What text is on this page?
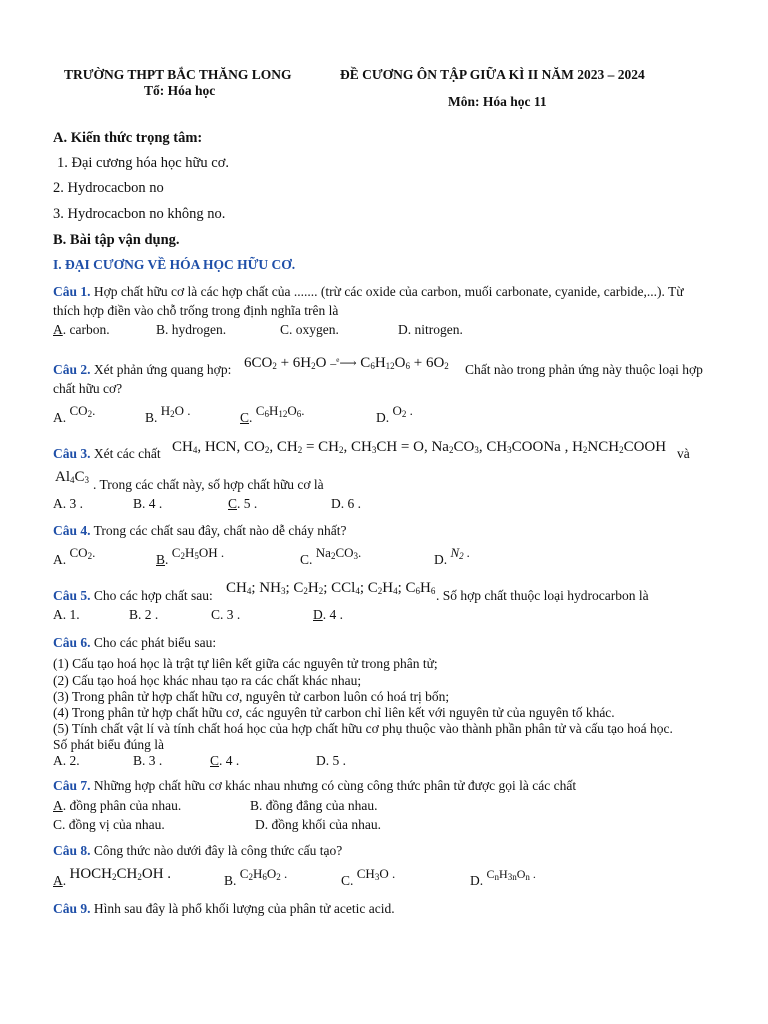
TRƯỜNG THPT BẮC THĂNG LONG
Tổ: Hóa học
ĐỀ CƯƠNG ÔN TẬP GIỮA KÌ II NĂM 2023 – 2024
Môn: Hóa học 11
A. Kiến thức trọng tâm:
1. Đại cương hóa học hữu cơ.
2. Hydrocacbon no
3. Hydrocacbon no không no.
B. Bài tập vận dụng.
I. ĐẠI CƯƠNG VỀ HÓA HỌC HỮU CƠ.
Câu 1. Hợp chất hữu cơ là các hợp chất của ....... (trừ các oxide của carbon, muối carbonate, cyanide, carbide,...). Từ
thích hợp điền vào chỗ trống trong định nghĩa trên là
A. carbon.	B. hydrogen.	C. oxygen.	D. nitrogen.
Câu 2. Xét phản ứng quang hợp: $6CO_2 + 6H_2O$ –$^e$⟶ $C_6H_{12}O_6 + 6O_2$ Chất nào trong phản ứng này thuộc loại hợp
chất hữu cơ?
A. $CO_2$.	B. $H_2O$ .	C. $C_6H_{12}O_6$.	D. $O_2$ .
Câu 3. Xét các chất $CH_4$, HCN, $CO_2$, $CH_2 = CH_2$, $CH_3CH = O$, $Na_2CO_3$, $CH_3COONa$ , $H_2NCH_2COOH$ và
$Al_4C_3$ . Trong các chất này, số hợp chất hữu cơ là
A. 3 .	B. 4 .	C. 5 .	D. 6 .
Câu 4. Trong các chất sau đây, chất nào dễ cháy nhất?
A. $CO_2$.	B. $C_2H_5OH$ .	C. $Na_2CO_3$.	D. $N_2$ .
Câu 5. Cho các hợp chất sau: $CH_4$; $NH_3$; $C_2H_2$; CCl$_4$; $C_2H_4$; $C_6H_6$ . Số hợp chất thuộc loại hydrocarbon là
A. 1.	B. 2 .	C. 3 .	D. 4 .
Câu 6. Cho các phát biểu sau:
(1) Cấu tạo hoá học là trật tự liên kết giữa các nguyên tử trong phân tử;
(2) Cấu tạo hoá học khác nhau tạo ra các chất khác nhau;
(3) Trong phân tử hợp chất hữu cơ, nguyên tử carbon luôn có hoá trị bốn;
(4) Trong phân tử hợp chất hữu cơ, các nguyên tử carbon chỉ liên kết với nguyên tử của nguyên tố khác.
(5) Tính chất vật lí và tính chất hoá học của hợp chất hữu cơ phụ thuộc vào thành phần phân tử và cấu tạo hoá học.
Số phát biểu đúng là
A. 2.	B. 3 .	C. 4 .	D. 5 .
Câu 7. Những hợp chất hữu cơ khác nhau nhưng có cùng công thức phân tử được gọi là các chất
A. đồng phân của nhau.	B. đồng đẳng của nhau.
C. đồng vị của nhau.	D. đồng khối của nhau.
Câu 8. Công thức nào dưới đây là công thức cấu tạo?
A. $HOCH_2CH_2OH$ .	B. $C_2H_6O_2$ .	C. $CH_3O$ .	D. $C_nH_{3n}O_n$ .
Câu 9. Hình sau đây là phổ khối lượng của phân tử acetic acid.
